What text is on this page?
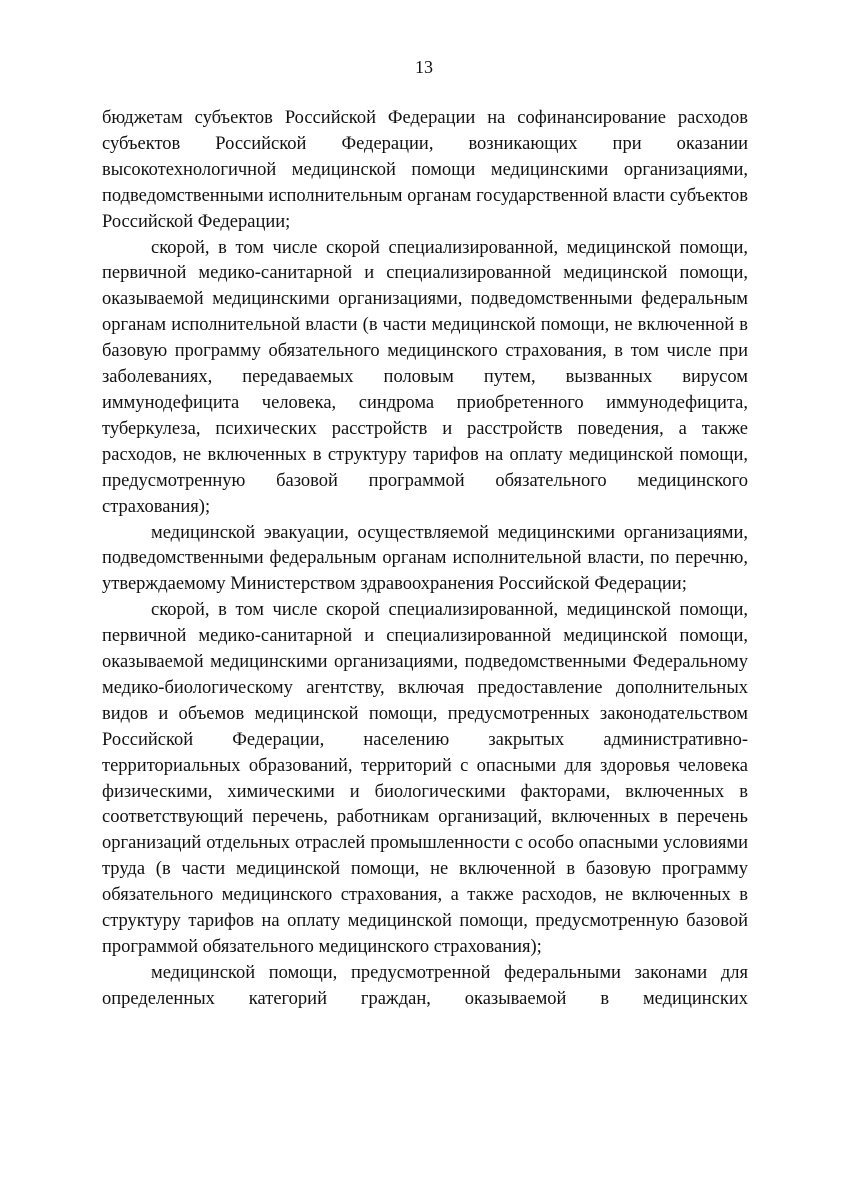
13

бюджетам субъектов Российской Федерации на софинансирование расходов субъектов Российской Федерации, возникающих при оказании высокотехнологичной медицинской помощи медицинскими организациями, подведомственными исполнительным органам государственной власти субъектов Российской Федерации;

скорой, в том числе скорой специализированной, медицинской помощи, первичной медико-санитарной и специализированной медицинской помощи, оказываемой медицинскими организациями, подведомственными федеральным органам исполнительной власти (в части медицинской помощи, не включенной в базовую программу обязательного медицинского страхования, в том числе при заболеваниях, передаваемых половым путем, вызванных вирусом иммунодефицита человека, синдрома приобретенного иммунодефицита, туберкулеза, психических расстройств и расстройств поведения, а также расходов, не включенных в структуру тарифов на оплату медицинской помощи, предусмотренную базовой программой обязательного медицинского страхования);

медицинской эвакуации, осуществляемой медицинскими организациями, подведомственными федеральным органам исполнительной власти, по перечню, утверждаемому Министерством здравоохранения Российской Федерации;

скорой, в том числе скорой специализированной, медицинской помощи, первичной медико-санитарной и специализированной медицинской помощи, оказываемой медицинскими организациями, подведомственными Федеральному медико-биологическому агентству, включая предоставление дополнительных видов и объемов медицинской помощи, предусмотренных законодательством Российской Федерации, населению закрытых административно-территориальных образований, территорий с опасными для здоровья человека физическими, химическими и биологическими факторами, включенных в соответствующий перечень, работникам организаций, включенных в перечень организаций отдельных отраслей промышленности с особо опасными условиями труда (в части медицинской помощи, не включенной в базовую программу обязательного медицинского страхования, а также расходов, не включенных в структуру тарифов на оплату медицинской помощи, предусмотренную базовой программой обязательного медицинского страхования);

медицинской помощи, предусмотренной федеральными законами для определенных категорий граждан, оказываемой в медицинских
